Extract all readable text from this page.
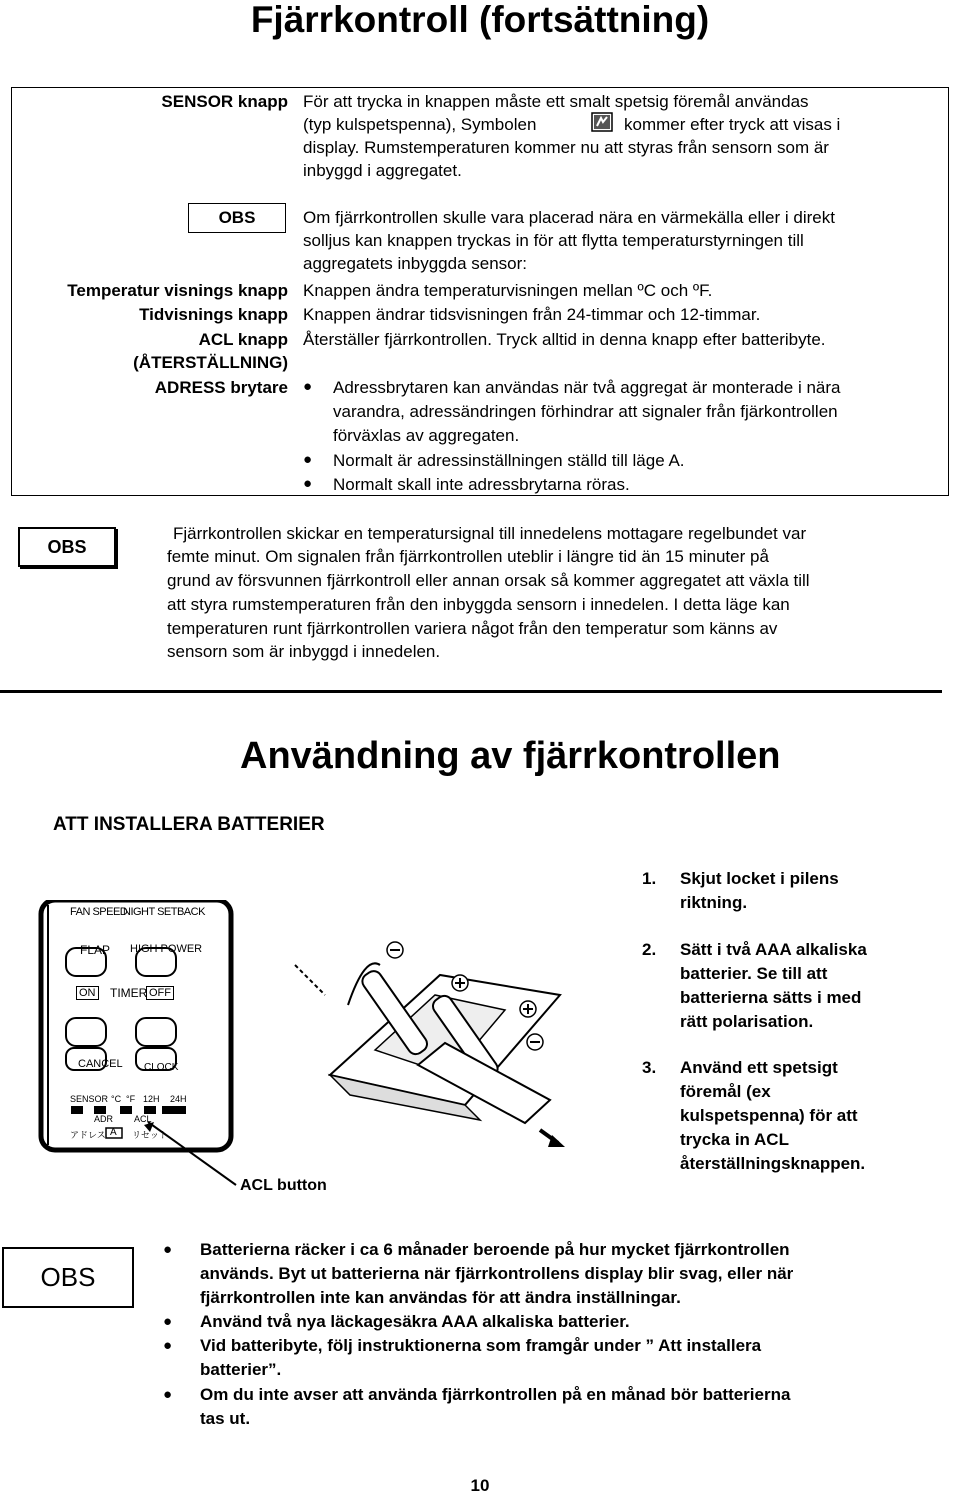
Fjärrkontroll (fortsättning)
SENSOR knapp För att trycka in knappen måste ett smalt spetsig föremål användas
(typ kulspetspenna), Symbolen	kommer efter tryck att visas i
display. Rumstemperaturen kommer nu att styras från sensorn som är
inbyggd i aggregatet.
OBS	Om fjärrkontrollen skulle vara placerad nära en värmekälla eller i direkt
solljus kan knappen tryckas in för att flytta temperaturstyrningen till
aggregatets inbyggda sensor:
Temperatur visnings knapp Knappen ändra temperaturvisningen mellan ºC och ºF.
Tidvisnings knapp Knappen ändrar tidsvisningen från 24-timmar och 12-timmar.
ACL knapp
(ÅTERSTÄLLNING)
Återställer fjärrkontrollen. Tryck alltid in denna knapp efter batteribyte.
ADRESS brytare ● Adressbrytaren kan användas när två aggregat är monterade i nära
varandra, adressändringen förhindrar att signaler från fjärkontrollen
förväxlas av aggregaten.
● Normalt är adressinställningen ställd till läge A.
● Normalt skall inte adressbrytarna röras.
OBS
Fjärrkontrollen skickar en temperatursignal till innedelens mottagare regelbundet var
femte minut. Om signalen från fjärrkontrollen uteblir i längre tid än 15 minuter på
grund av försvunnen fjärrkontroll eller annan orsak så kommer aggregatet att växla till
att styra rumstemperaturen från den inbyggda sensorn i innedelen. I detta läge kan
temperaturen runt fjärrkontrollen variera något från den temperatur som känns av
sensorn som är inbyggd i innedelen.
Användning av fjärrkontrollen
ATT INSTALLERA BATTERIER
FAN SPEED
NIGHT SETBACK
FLAP HIGH POWER
ON TIMER OFF
CANCEL CLOCK
SENSOR °C °F 12H 24H
ADR ACL
アドレス A リセット
ACL button
1. Skjut locket i pilens
riktning.
2. Sätt i två AAA alkaliska
batterier. Se till att
batterierna sätts i med
rätt polarisation.
3. Använd ett spetsigt
föremål (ex
kulspetspenna) för att
trycka in ACL
återställningsknappen.
OBS
● Batterierna räcker i ca 6 månader beroende på hur mycket fjärrkontrollen
används. Byt ut batterierna när fjärrkontrollens display blir svag, eller när
fjärrkontrollen inte kan användas för att ändra inställningar.
● Använd två nya läckagesäkra AAA alkaliska batterier.
● Vid batteribyte, följ instruktionerna som framgår under ” Att installera
batterier”.
● Om du inte avser att använda fjärrkontrollen på en månad bör batterierna
tas ut.
10
